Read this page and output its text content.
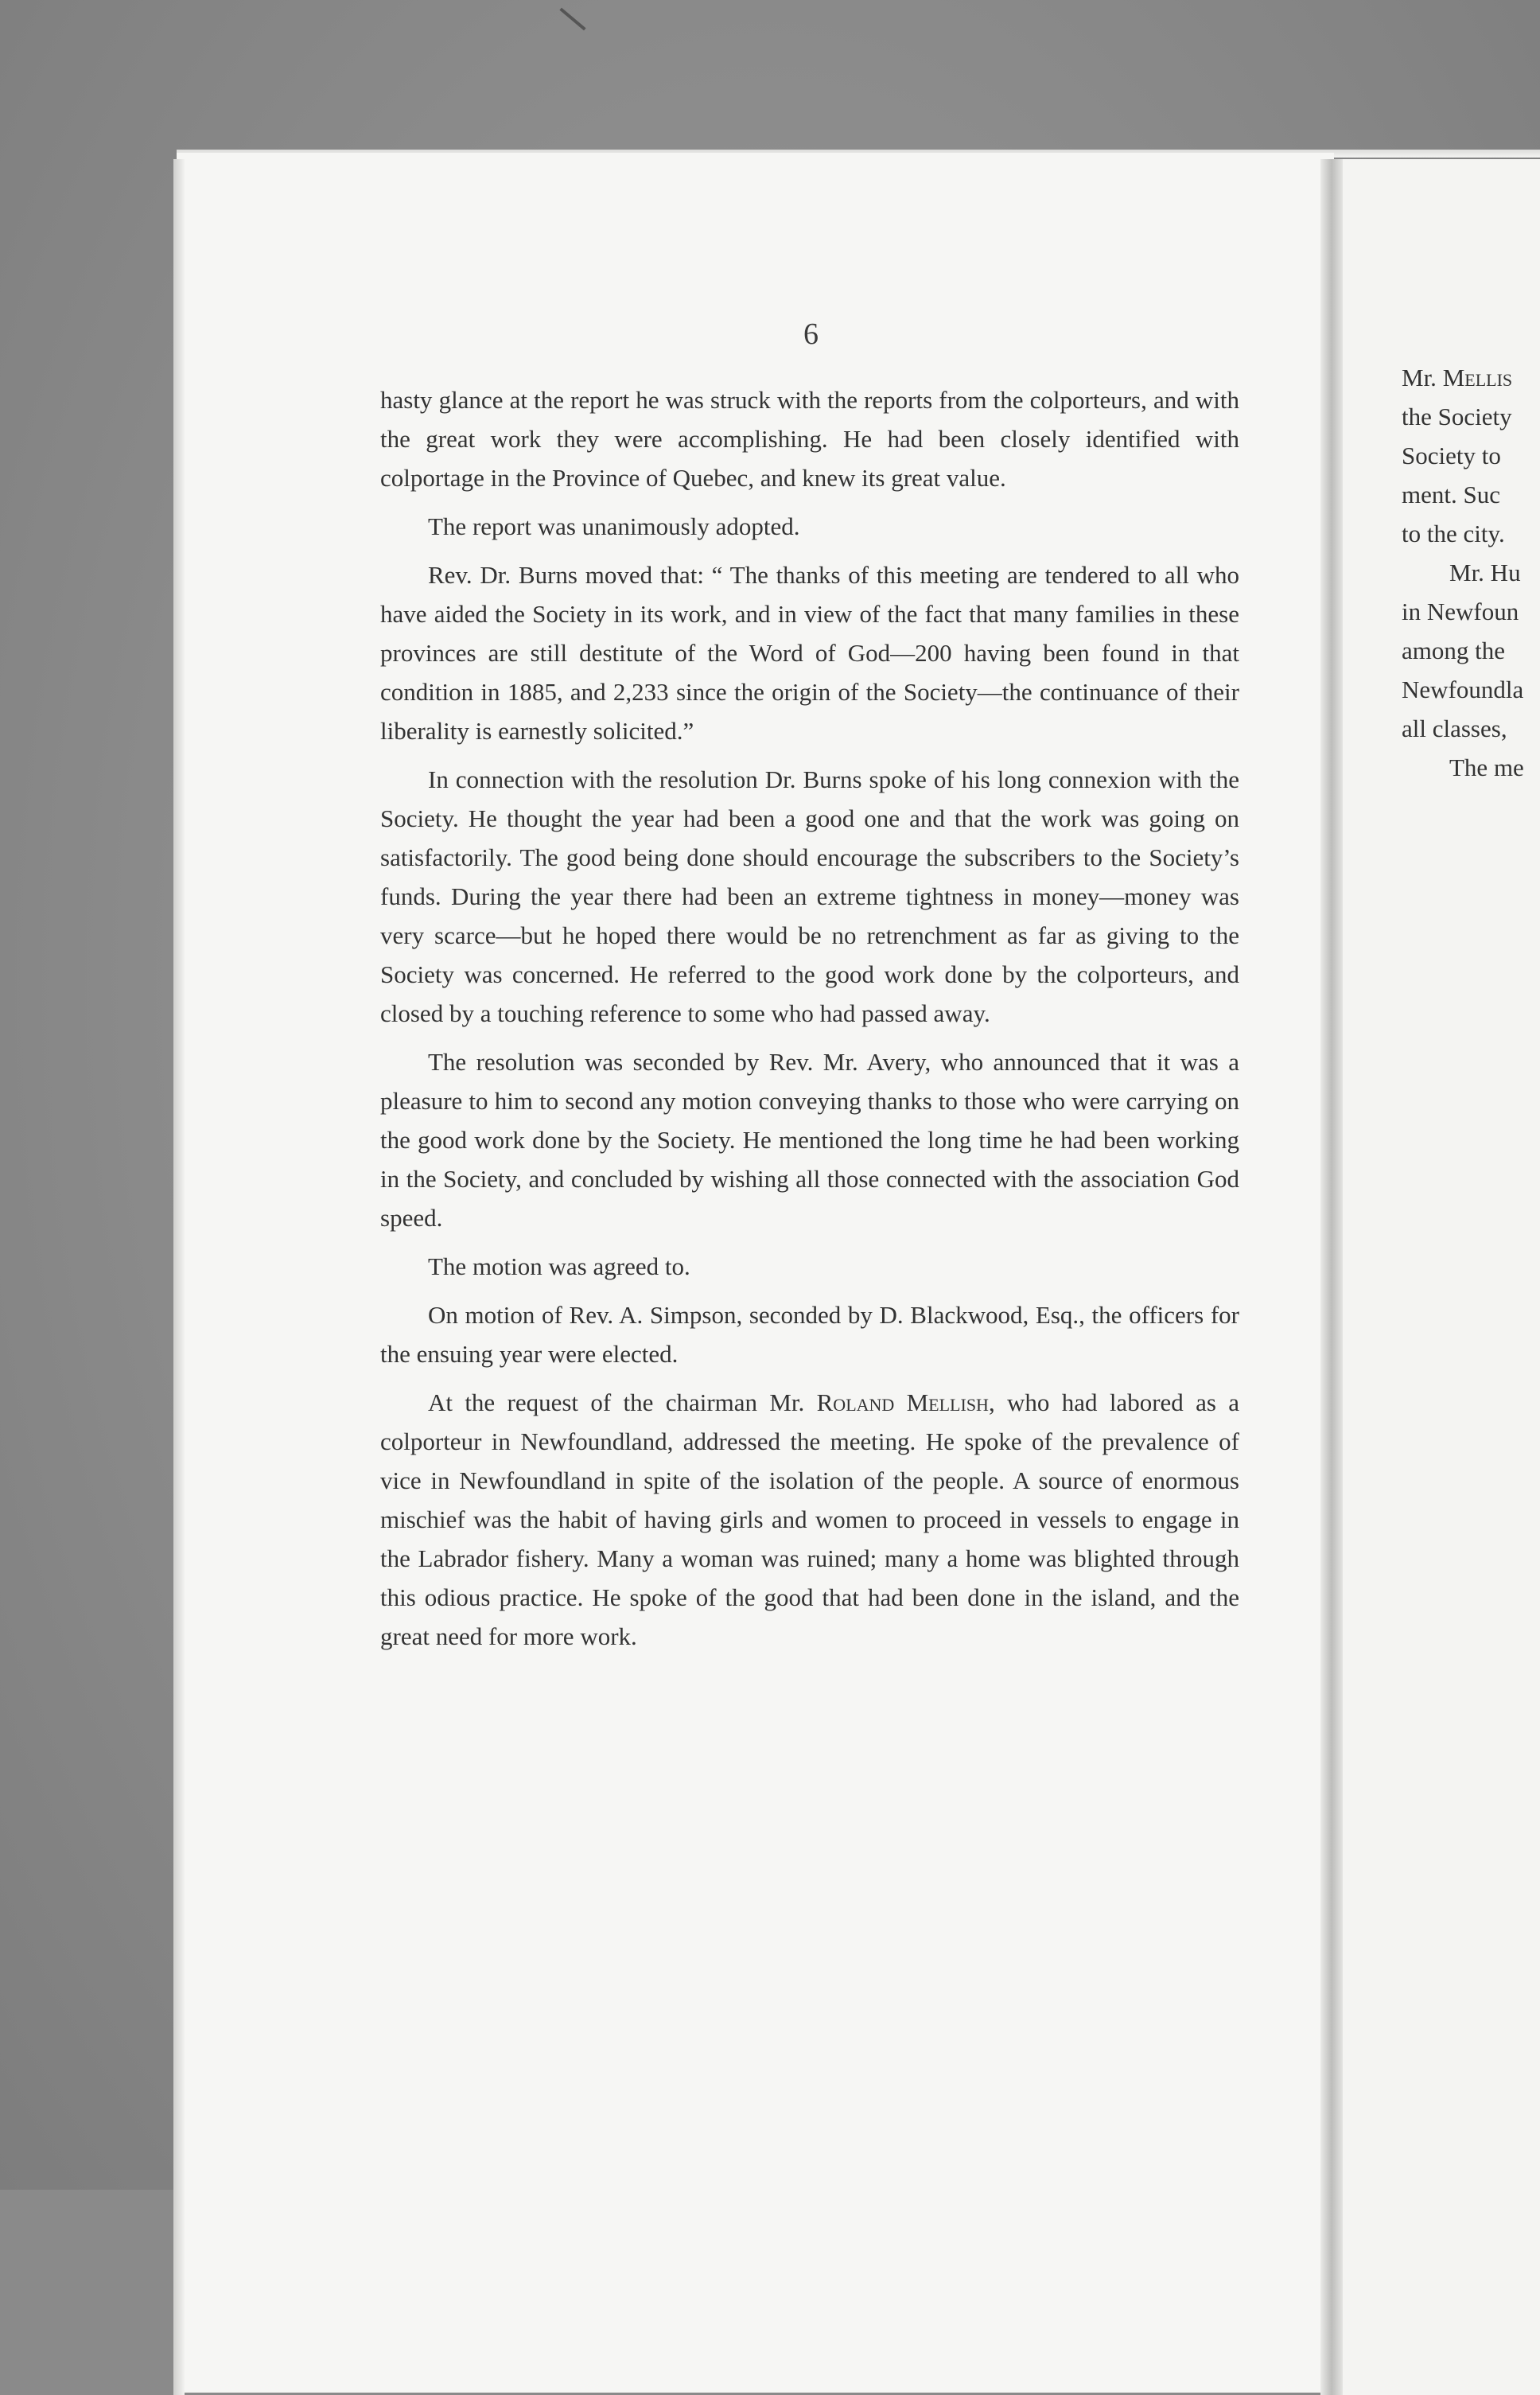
6

hasty glance at the report he was struck with the reports from the colporteurs, and with the great work they were accomplishing. He had been closely identified with colportage in the Province of Quebec, and knew its great value.

The report was unanimously adopted.

Rev. Dr. Burns moved that: “ The thanks of this meeting are tendered to all who have aided the Society in its work, and in view of the fact that many families in these provinces are still destitute of the Word of God—200 having been found in that condition in 1885, and 2,233 since the origin of the Society—the continuance of their liberality is earnestly solicited.”

In connection with the resolution Dr. Burns spoke of his long connexion with the Society. He thought the year had been a good one and that the work was going on satisfactorily. The good being done should encourage the subscribers to the Society’s funds. During the year there had been an extreme tightness in money—money was very scarce—but he hoped there would be no retrenchment as far as giving to the Society was concerned. He referred to the good work done by the colporteurs, and closed by a touching reference to some who had passed away.

The resolution was seconded by Rev. Mr. Avery, who announced that it was a pleasure to him to second any motion conveying thanks to those who were carrying on the good work done by the Society. He mentioned the long time he had been working in the Society, and concluded by wishing all those connected with the association God speed.

The motion was agreed to.

On motion of Rev. A. Simpson, seconded by D. Blackwood, Esq., the officers for the ensuing year were elected.

At the request of the chairman Mr. Roland Mellish, who had labored as a colporteur in Newfoundland, addressed the meeting. He spoke of the prevalence of vice in Newfoundland in spite of the isolation of the people. A source of enormous mischief was the habit of having girls and women to proceed in vessels to engage in the Labrador fishery. Many a woman was ruined; many a home was blighted through this odious practice. He spoke of the good that had been done in the island, and the great need for more work.

Mr. Mellis
the Society
Society to
ment. Suc
to the city.
Mr. Hu
in Newfoun
among the
Newfoundla
all classes,
The me
